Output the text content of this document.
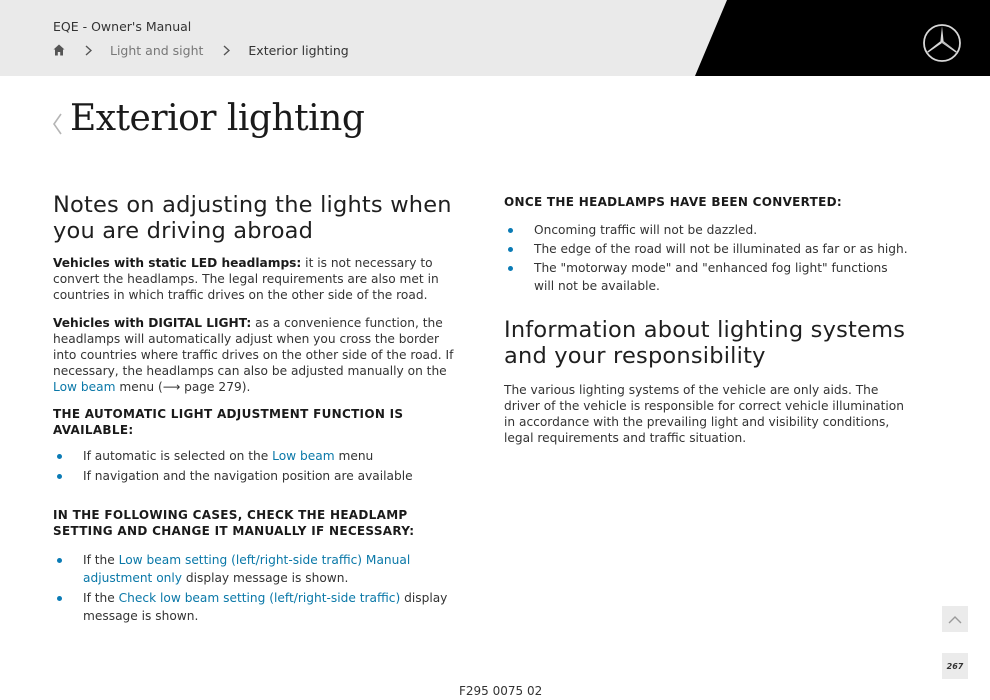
EQE - Owner's Manual
Light and sight	Exterior lighting
Exterior lighting
Notes on adjusting the lights when you are driving abroad

Vehicles with static LED headlamps: it is not necessary to convert the headlamps. The legal requirements are also met in countries in which traffic drives on the other side of the road.

Vehicles with DIGITAL LIGHT: as a convenience function, the headlamps will automatically adjust when you cross the border into countries where traffic drives on the other side of the road. If necessary, the headlamps can also be adjusted manually on the Low beam menu (⟶ page 279).

THE AUTOMATIC LIGHT ADJUSTMENT FUNCTION IS AVAILABLE:
If automatic is selected on the Low beam menu
If navigation and the navigation position are available
IN THE FOLLOWING CASES, CHECK THE HEADLAMP SETTING AND CHANGE IT MANUALLY IF NECESSARY:
If the Low beam setting (left/right-side traffic) Manual adjustment only display message is shown.
If the Check low beam setting (left/right-side traffic) display message is shown.
ONCE THE HEADLAMPS HAVE BEEN CONVERTED:
Oncoming traffic will not be dazzled.
The edge of the road will not be illuminated as far or as high.
The "motorway mode" and "enhanced fog light" functions will not be available.
Information about lighting systems and your responsibility

The various lighting systems of the vehicle are only aids. The driver of the vehicle is responsible for correct vehicle illumination in accordance with the prevailing light and visibility conditions, legal requirements and traffic situation.

267
F295 0075 02
